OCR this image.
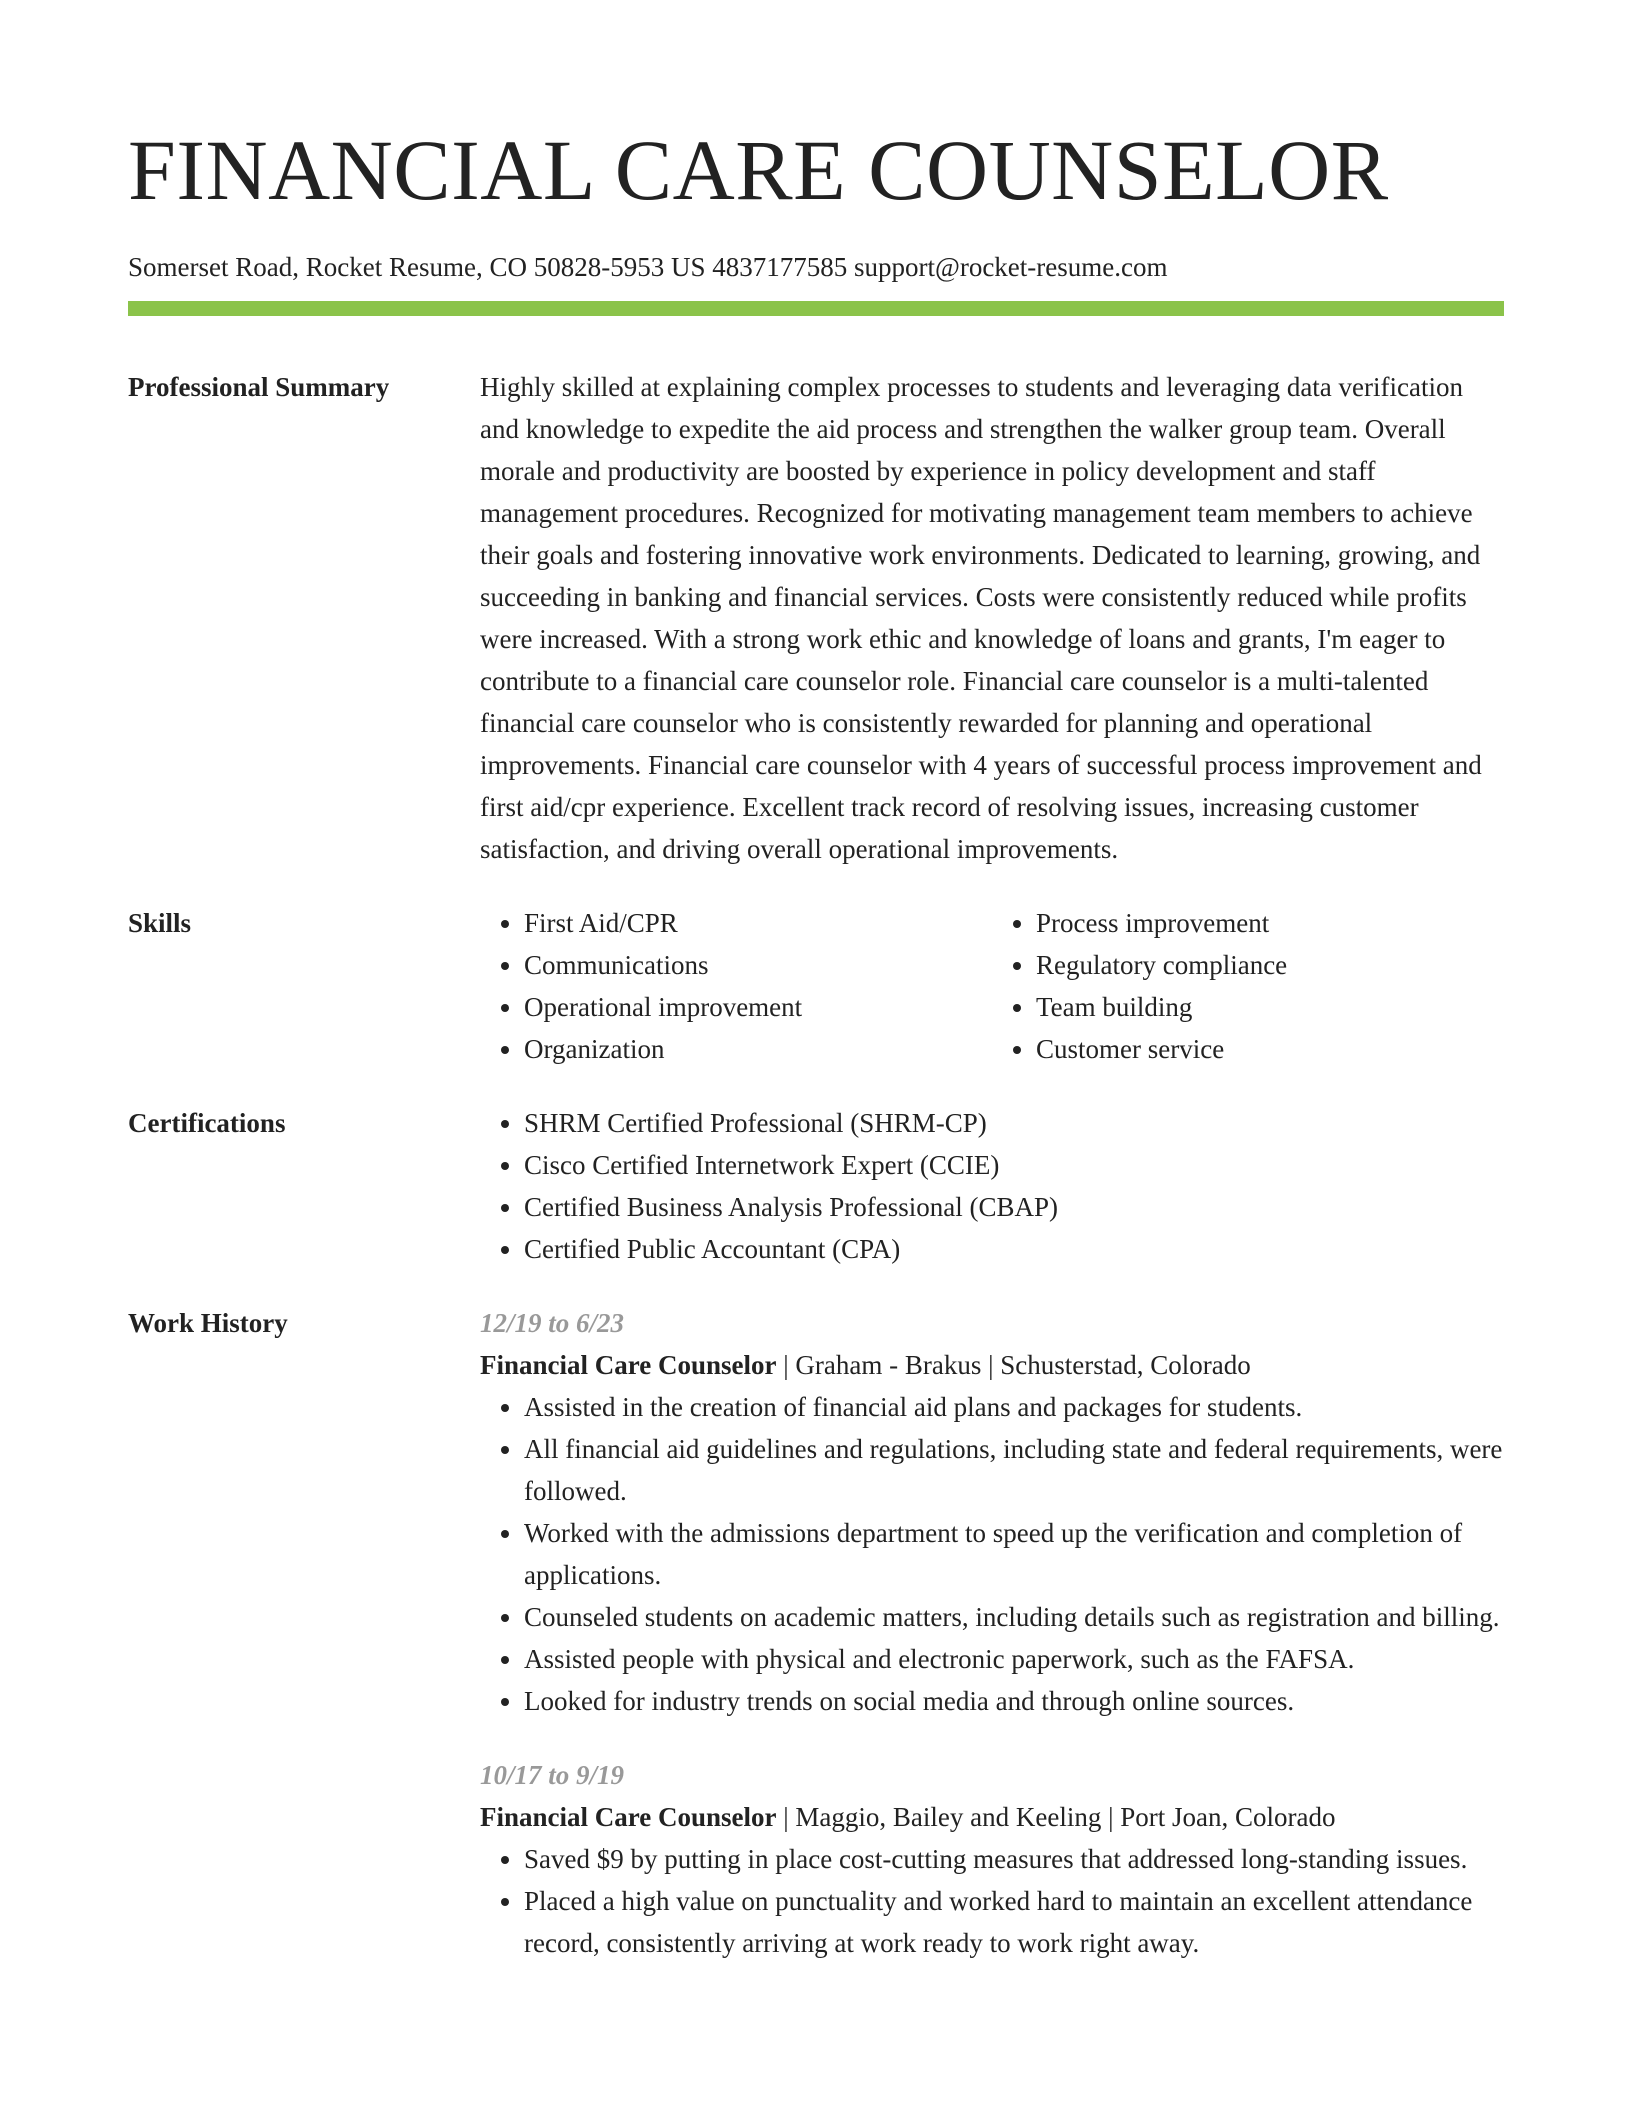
FINANCIAL CARE COUNSELOR
Somerset Road, Rocket Resume, CO 50828-5953 US 4837177585 support@rocket-resume.com
Professional Summary	Highly skilled at explaining complex processes to students and leveraging data verification and knowledge to expedite the aid process and strengthen the walker group team. Overall morale and productivity are boosted by experience in policy development and staff management procedures. Recognized for motivating management team members to achieve their goals and fostering innovative work environments. Dedicated to learning, growing, and succeeding in banking and financial services. Costs were consistently reduced while profits were increased. With a strong work ethic and knowledge of loans and grants, I'm eager to contribute to a financial care counselor role. Financial care counselor is a multi-talented financial care counselor who is consistently rewarded for planning and operational improvements. Financial care counselor with 4 years of successful process improvement and first aid/cpr experience. Excellent track record of resolving issues, increasing customer satisfaction, and driving overall operational improvements.

Skills	• First Aid/CPR
• Communications
• Operational improvement
• Organization
• Process improvement
• Regulatory compliance
• Team building
• Customer service
Certifications	• SHRM Certified Professional (SHRM-CP)
• Cisco Certified Internetwork Expert (CCIE)
• Certified Business Analysis Professional (CBAP)
• Certified Public Accountant (CPA)
Work History	12/19 to 6/23
Financial Care Counselor | Graham - Brakus | Schusterstad, Colorado
• Assisted in the creation of financial aid plans and packages for students.
• All financial aid guidelines and regulations, including state and federal requirements, were followed.
• Worked with the admissions department to speed up the verification and completion of applications.
• Counseled students on academic matters, including details such as registration and billing.
• Assisted people with physical and electronic paperwork, such as the FAFSA.
• Looked for industry trends on social media and through online sources.
10/17 to 9/19
Financial Care Counselor | Maggio, Bailey and Keeling | Port Joan, Colorado
• Saved $9 by putting in place cost-cutting measures that addressed long-standing issues.
• Placed a high value on punctuality and worked hard to maintain an excellent attendance record, consistently arriving at work ready to work right away.
